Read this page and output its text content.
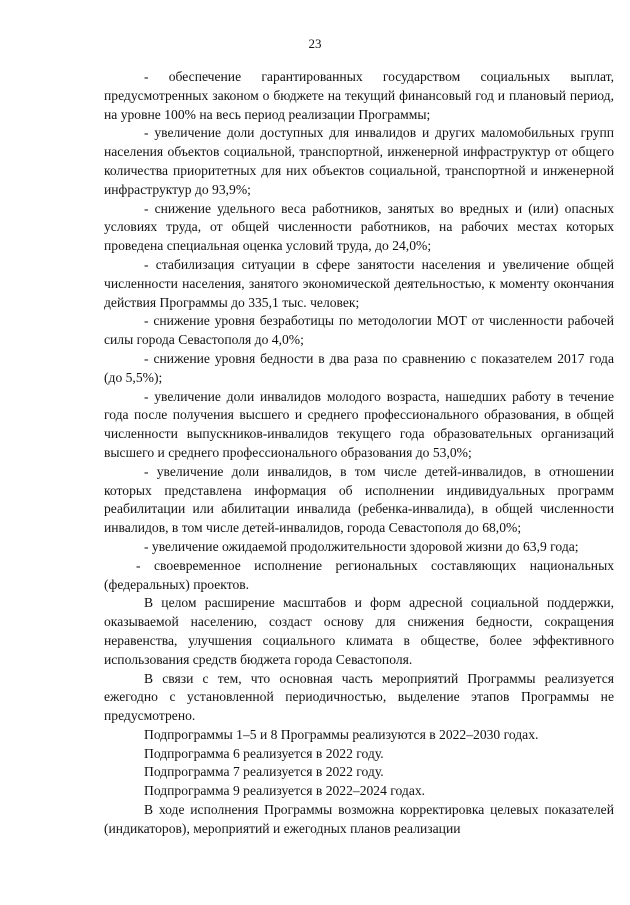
23

- обеспечение гарантированных государством социальных выплат, предусмотренных законом о бюджете на текущий финансовый год и плановый период, на уровне 100% на весь период реализации Программы;

- увеличение доли доступных для инвалидов и других маломобильных групп населения объектов социальной, транспортной, инженерной инфраструктур от общего количества приоритетных для них объектов социальной, транспортной и инженерной инфраструктур до 93,9%;

- снижение удельного веса работников, занятых во вредных и (или) опасных условиях труда, от общей численности работников, на рабочих местах которых проведена специальная оценка условий труда, до 24,0%;

- стабилизация ситуации в сфере занятости населения и увеличение общей численности населения, занятого экономической деятельностью, к моменту окончания действия Программы до 335,1 тыс. человек;

- снижение уровня безработицы по методологии МОТ от численности рабочей силы города Севастополя до 4,0%;

- снижение уровня бедности в два раза по сравнению с показателем 2017 года (до 5,5%);

- увеличение доли инвалидов молодого возраста, нашедших работу в течение года после получения высшего и среднего профессионального образования, в общей численности выпускников-инвалидов текущего года образовательных организаций высшего и среднего профессионального образования до 53,0%;

- увеличение доли инвалидов, в том числе детей-инвалидов, в отношении которых представлена информация об исполнении индивидуальных программ реабилитации или абилитации инвалида (ребенка-инвалида), в общей численности инвалидов, в том числе детей-инвалидов, города Севастополя до 68,0%;

- увеличение ожидаемой продолжительности здоровой жизни до 63,9 года;

- своевременное исполнение региональных составляющих национальных (федеральных) проектов.

В целом расширение масштабов и форм адресной социальной поддержки, оказываемой населению, создаст основу для снижения бедности, сокращения неравенства, улучшения социального климата в обществе, более эффективного использования средств бюджета города Севастополя.

В связи с тем, что основная часть мероприятий Программы реализуется ежегодно с установленной периодичностью, выделение этапов Программы не предусмотрено.

Подпрограммы 1–5 и 8 Программы реализуются в 2022–2030 годах.

Подпрограмма 6 реализуется в 2022 году.

Подпрограмма 7 реализуется в 2022 году.

Подпрограмма 9 реализуется в 2022–2024 годах.

В ходе исполнения Программы возможна корректировка целевых показателей (индикаторов), мероприятий и ежегодных планов реализации
